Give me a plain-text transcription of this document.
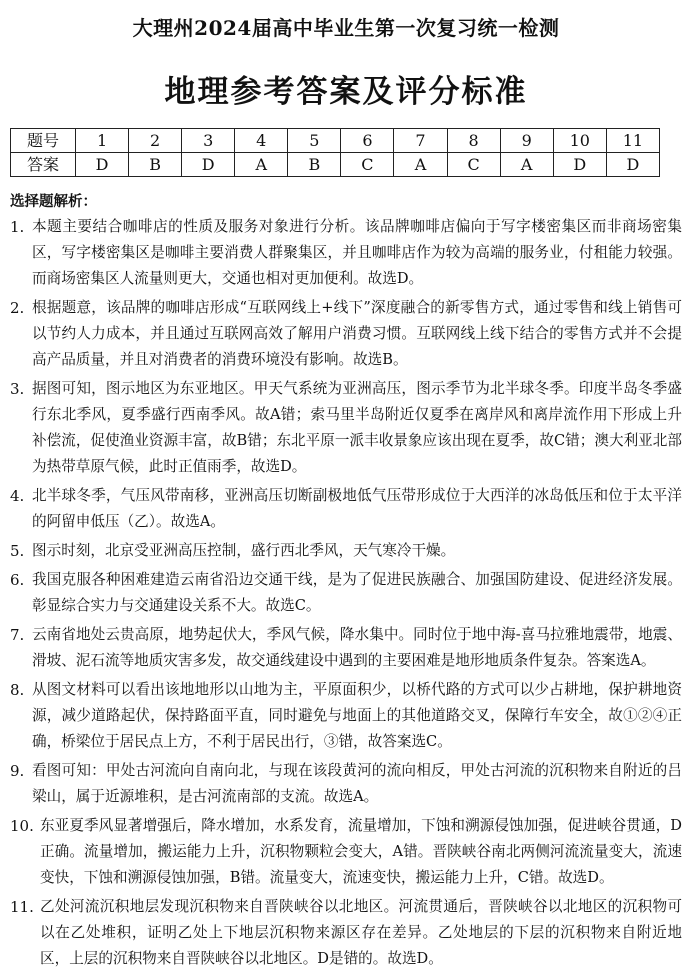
大理州2024届高中毕业生第一次复习统一检测
地理参考答案及评分标准
题号	1	2	3	4	5	6	7	8	9	10	11
答案	D	B	D	A	B	C	A	C	A	D	D
选择题解析：
1. 本题主要结合咖啡店的性质及服务对象进行分析。该品牌咖啡店偏向于写字楼密集区而非商场密集区，写字楼密集区是咖啡主要消费人群聚集区，并且咖啡店作为较为高端的服务业，付租能力较强。而商场密集区人流量则更大，交通也相对更加便利。故选D。
2. 根据题意，该品牌的咖啡店形成“互联网线上+线下”深度融合的新零售方式，通过零售和线上销售可以节约人力成本，并且通过互联网高效了解用户消费习惯。互联网线上线下结合的零售方式并不会提高产品质量，并且对消费者的消费环境没有影响。故选B。
3. 据图可知，图示地区为东亚地区。甲天气系统为亚洲高压，图示季节为北半球冬季。印度半岛冬季盛行东北季风，夏季盛行西南季风。故A错；索马里半岛附近仅夏季在离岸风和离岸流作用下形成上升补偿流，促使渔业资源丰富，故B错；东北平原一派丰收景象应该出现在夏季，故C错；澳大利亚北部为热带草原气候，此时正值雨季，故选D。
4. 北半球冬季，气压风带南移，亚洲高压切断副极地低气压带形成位于大西洋的冰岛低压和位于太平洋的阿留申低压（乙）。故选A。
5. 图示时刻，北京受亚洲高压控制，盛行西北季风，天气寒冷干燥。
6. 我国克服各种困难建造云南省沿边交通干线，是为了促进民族融合、加强国防建设、促进经济发展。彰显综合实力与交通建设关系不大。故选C。
7. 云南省地处云贵高原，地势起伏大，季风气候，降水集中。同时位于地中海-喜马拉雅地震带，地震、滑坡、泥石流等地质灾害多发，故交通线建设中遇到的主要困难是地形地质条件复杂。答案选A。
8. 从图文材料可以看出该地地形以山地为主，平原面积少，以桥代路的方式可以少占耕地，保护耕地资源，减少道路起伏，保持路面平直，同时避免与地面上的其他道路交叉，保障行车安全，故①②④正确，桥梁位于居民点上方，不利于居民出行，③错，故答案选C。
9. 看图可知：甲处古河流向自南向北，与现在该段黄河的流向相反，甲处古河流的沉积物来自附近的吕梁山，属于近源堆积，是古河流南部的支流。故选A。
10. 东亚夏季风显著增强后，降水增加，水系发育，流量增加，下蚀和溯源侵蚀加强，促进峡谷贯通，D正确。流量增加，搬运能力上升，沉积物颗粒会变大，A错。晋陕峡谷南北两侧河流流量变大，流速变快，下蚀和溯源侵蚀加强，B错。流量变大，流速变快，搬运能力上升，C错。故选D。
11. 乙处河流沉积地层发现沉积物来自晋陕峡谷以北地区。河流贯通后，晋陕峡谷以北地区的沉积物可以在乙处堆积，证明乙处上下地层沉积物来源区存在差异。乙处地层的下层的沉积物来自附近地区，上层的沉积物来自晋陕峡谷以北地区。D是错的。故选D。
